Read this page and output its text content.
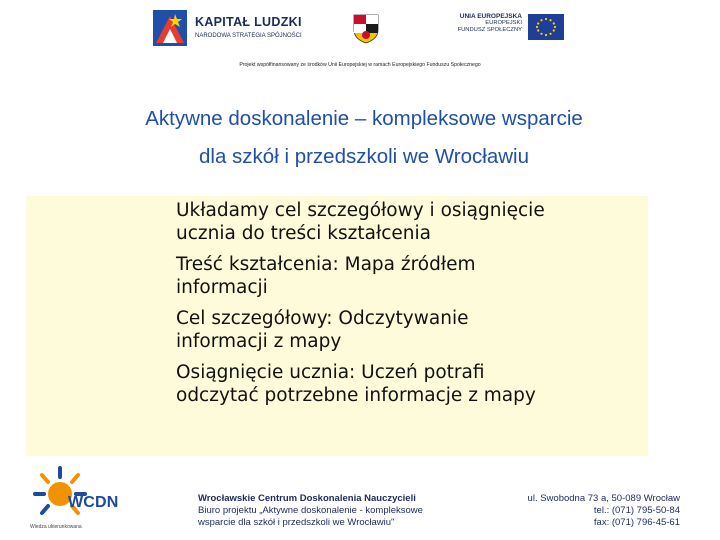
KAPITAŁ LUDZKI
NARODOWA STRATEGIA SPÓJNOŚCI
UNIA EUROPEJSKA
EUROPEJSKI
FUNDUSZ SPOŁECZNY
Projekt współfinansowany ze środków Unii Europejskiej w ramach Europejskiego Funduszu Społecznego
Aktywne doskonalenie – kompleksowe wsparcie
dla szkół i przedszkoli we Wrocławiu
Układamy cel szczegółowy i osiągnięcie
ucznia do treści kształcenia
Treść kształcenia: Mapa źródłem
informacji
Cel szczegółowy: Odczytywanie
informacji z mapy
Osiągnięcie ucznia: Uczeń potrafi
odczytać potrzebne informacje z mapy
WCDN
Wiedza ukierunkowana
Wrocławskie Centrum Doskonalenia Nauczycieli
Biuro projektu „Aktywne doskonalenie - kompleksowe
wsparcie dla szkół i przedszkoli we Wrocławiu"
ul. Swobodna 73 a, 50-089 Wrocław
tel.: (071) 795-50-84
fax: (071) 796-45-61
